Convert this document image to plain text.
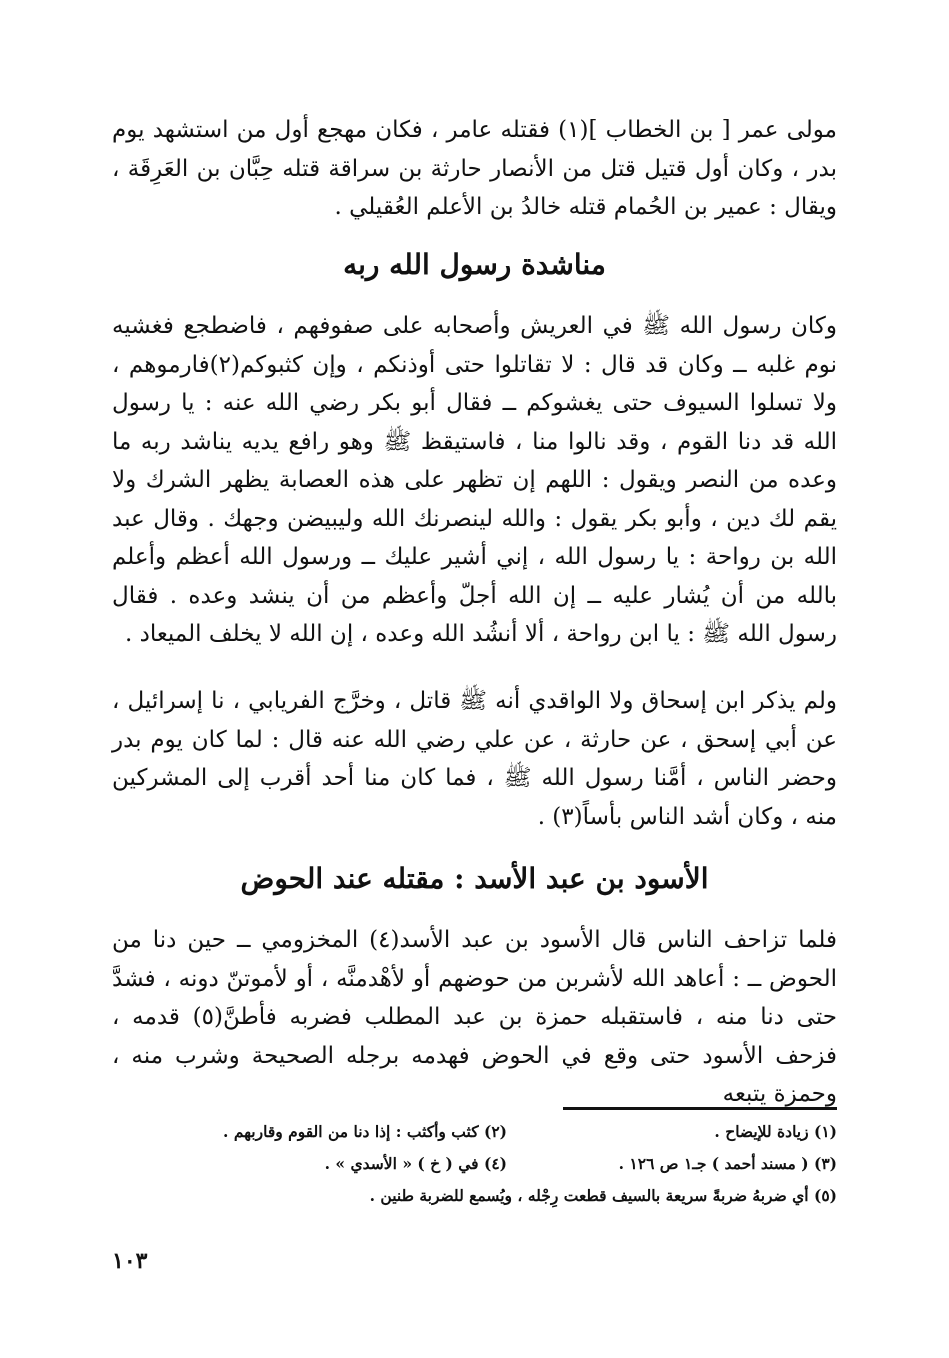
مولى عمر [ بن الخطاب ](١) فقتله عامر ، فكان مهجع أول من استشهد يوم بدر ، وكان أول قتيل قتل من الأنصار حارثة بن سراقة قتله حِبَّان بن العَرِقَة ، ويقال : عمير بن الحُمام قتله خالدُ بن الأعلم العُقيلي .

مناشدة رسول الله ربه

وكان رسول الله ﷺ في العريش وأصحابه على صفوفهم ، فاضطجع فغشيه نوم غلبه ــ وكان قد قال : لا تقاتلوا حتى أوذنكم ، وإن كثبوكم(٢)فارموهم ، ولا تسلوا السيوف حتى يغشوكم ــ فقال أبو بكر رضي الله عنه : يا رسول الله قد دنا القوم ، وقد نالوا منا ، فاستيقظ ﷺ وهو رافع يديه يناشد ربه ما وعده من النصر ويقول : اللهم إن تظهر على هذه العصابة يظهر الشرك ولا يقم لك دين ، وأبو بكر يقول : والله لينصرنك الله وليبيضن وجهك . وقال عبد الله بن رواحة : يا رسول الله ، إني أشير عليك ــ ورسول الله أعظم وأعلم بالله من أن يُشار عليه ــ إن الله أجلّ وأعظم من أن ينشد وعده . فقال رسول الله ﷺ : يا ابن رواحة ، ألا أنشُد الله وعده ، إن الله لا يخلف الميعاد .

ولم يذكر ابن إسحاق ولا الواقدي أنه ﷺ قاتل ، وخرَّج الفريابي ، نا إسرائيل ، عن أبي إسحق ، عن حارثة ، عن علي رضي الله عنه قال : لما كان يوم بدر وحضر الناس ، أمَّنا رسول الله ﷺ ، فما كان منا أحد أقرب إلى المشركين منه ، وكان أشد الناس بأساً(٣) .

الأسود بن عبد الأسد : مقتله عند الحوض

فلما تزاحف الناس قال الأسود بن عبد الأسد(٤) المخزومي ــ حين دنا من الحوض ــ : أعاهد الله لأشربن من حوضهم أو لأهْدمنَّه ، أو لأموتنّ دونه ، فشدَّ حتى دنا منه ، فاستقبله حمزة بن عبد المطلب فضربه فأطنَّ(٥) قدمه ، فزحف الأسود حتى وقع في الحوض فهدمه برجله الصحيحة وشرب منه ، وحمزة يتبعه

(١) زيادة للإيضاح .

(٢) كثب وأكثب : إذا دنا من القوم وقاربهم .

(٣) ( مسند أحمد ) جـ١ ص ١٢٦ .

(٤) في ( خ ) « الأسدي » .

(٥) أي ضربهُ ضربةً سريعة بالسيف قطعت رِجْله ، ويُسمع للضربة طنين .

١٠٣
